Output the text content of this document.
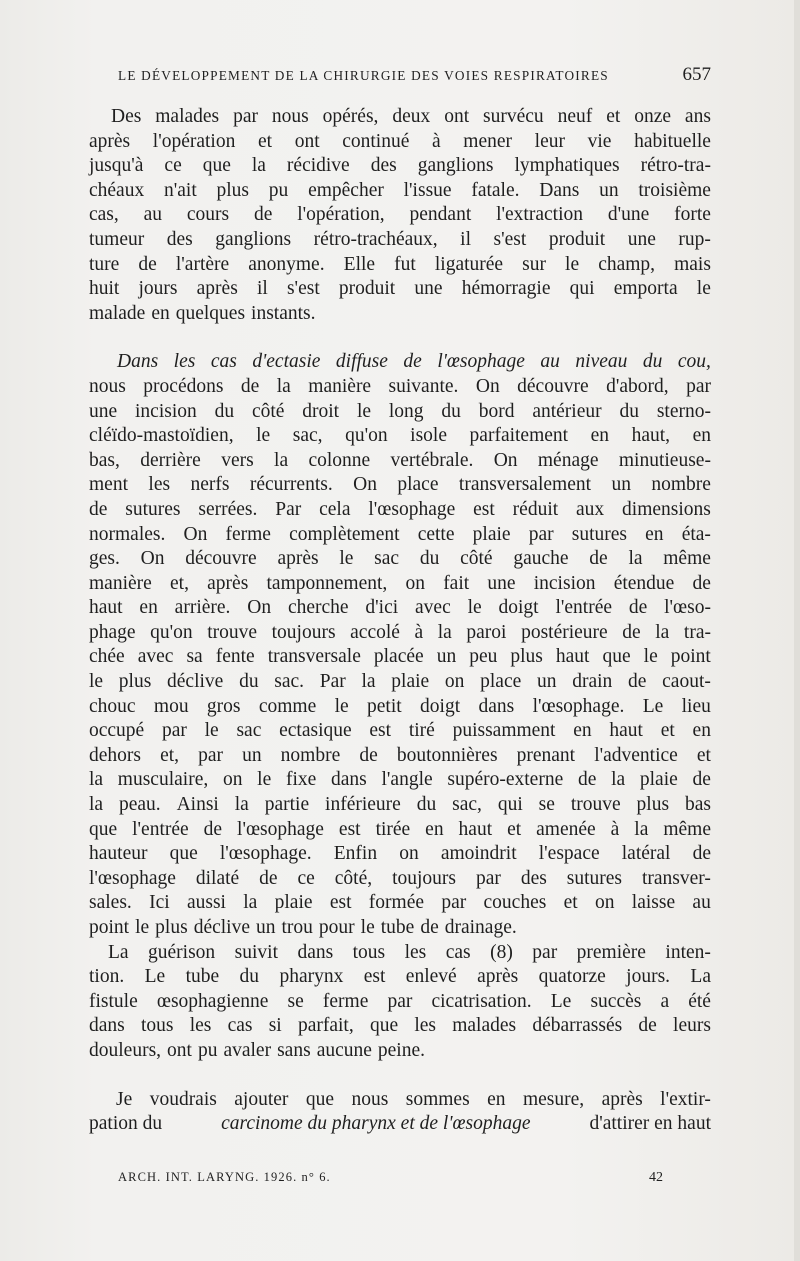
LE DÉVELOPPEMENT DE LA CHIRURGIE DES VOIES RESPIRATOIRES	657
Des malades par nous opérés, deux ont survécu neuf et onze ans
après l'opération et ont continué à mener leur vie habituelle
jusqu'à ce que la récidive des ganglions lymphatiques rétro-tra-
chéaux n'ait plus pu empêcher l'issue fatale. Dans un troisième
cas, au cours de l'opération, pendant l'extraction d'une forte
tumeur des ganglions rétro-trachéaux, il s'est produit une rup-
ture de l'artère anonyme. Elle fut ligaturée sur le champ, mais
huit jours après il s'est produit une hémorragie qui emporta le
malade en quelques instants.
Dans les cas d'ectasie diffuse de l'œsophage au niveau du cou,
nous procédons de la manière suivante. On découvre d'abord, par
une incision du côté droit le long du bord antérieur du sterno-
cléïdo-mastoïdien, le sac, qu'on isole parfaitement en haut, en
bas, derrière vers la colonne vertébrale. On ménage minutieuse-
ment les nerfs récurrents. On place transversalement un nombre
de sutures serrées. Par cela l'œsophage est réduit aux dimensions
normales. On ferme complètement cette plaie par sutures en éta-
ges. On découvre après le sac du côté gauche de la même
manière et, après tamponnement, on fait une incision étendue de
haut en arrière. On cherche d'ici avec le doigt l'entrée de l'œso-
phage qu'on trouve toujours accolé à la paroi postérieure de la tra-
chée avec sa fente transversale placée un peu plus haut que le point
le plus déclive du sac. Par la plaie on place un drain de caout-
chouc mou gros comme le petit doigt dans l'œsophage. Le lieu
occupé par le sac ectasique est tiré puissamment en haut et en
dehors et, par un nombre de boutonnières prenant l'adventice et
la musculaire, on le fixe dans l'angle supéro-externe de la plaie de
la peau. Ainsi la partie inférieure du sac, qui se trouve plus bas
que l'entrée de l'œsophage est tirée en haut et amenée à la même
hauteur que l'œsophage. Enfin on amoindrit l'espace latéral de
l'œsophage dilaté de ce côté, toujours par des sutures transver-
sales. Ici aussi la plaie est formée par couches et on laisse au
point le plus déclive un trou pour le tube de drainage.
La guérison suivit dans tous les cas (8) par première inten-
tion. Le tube du pharynx est enlevé après quatorze jours. La
fistule œsophagienne se ferme par cicatrisation. Le succès a été
dans tous les cas si parfait, que les malades débarrassés de leurs
douleurs, ont pu avaler sans aucune peine.
Je voudrais ajouter que nous sommes en mesure, après l'extir-
pation du	carcinome du pharynx et de l'œsophage	d'attirer en haut
ARCH. INT. LARYNG. 1926. n° 6.	42
